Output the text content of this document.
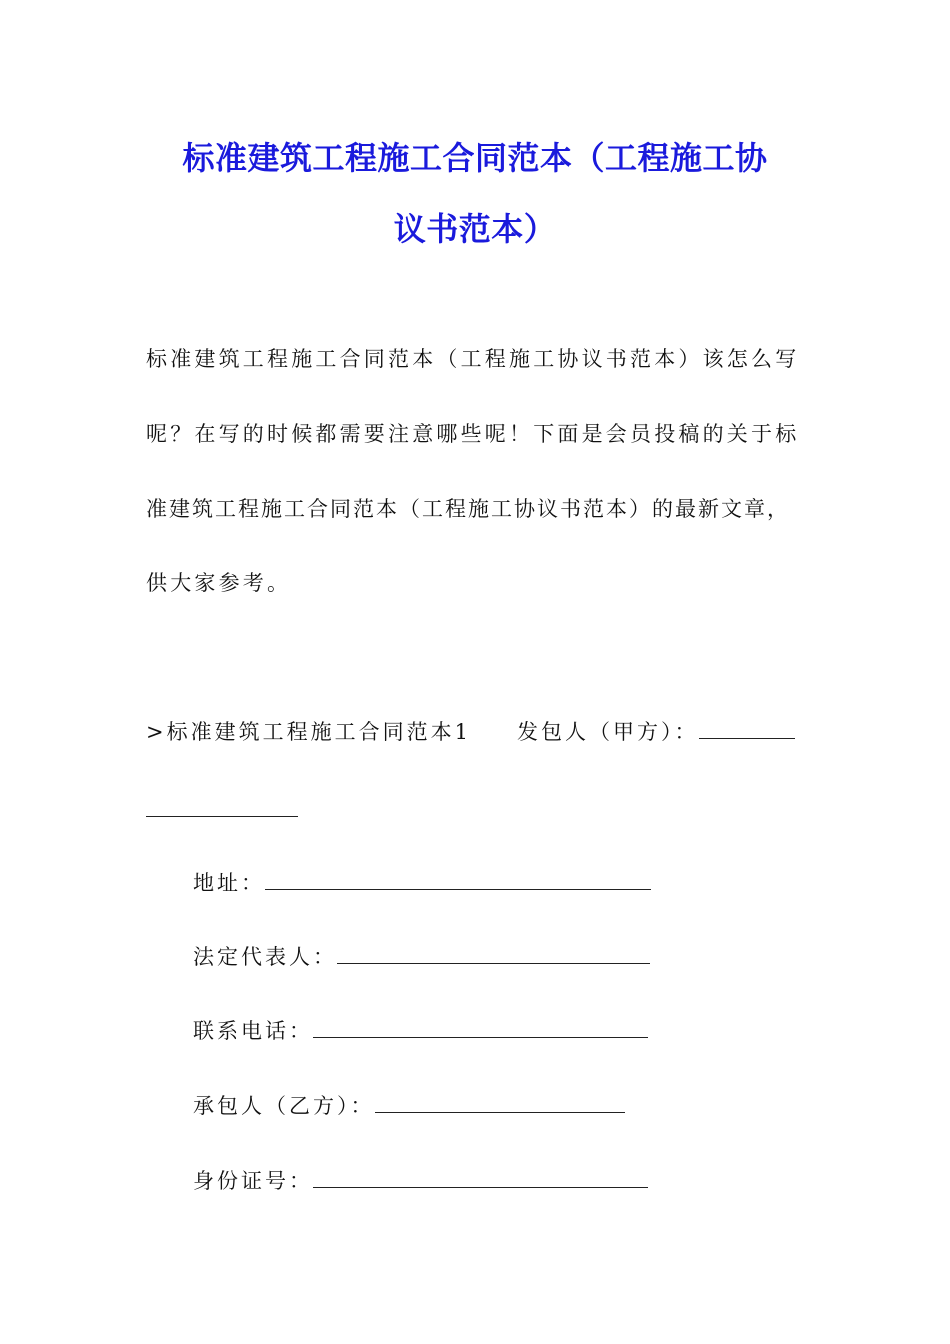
标准建筑工程施工合同范本（工程施工协
议书范本）
标准建筑工程施工合同范本（工程施工协议书范本）该怎么写
呢？在写的时候都需要注意哪些呢！下面是会员投稿的关于标
准建筑工程施工合同范本（工程施工协议书范本）的最新文章，
供大家参考。
>标准建筑工程施工合同范本1 发包人（甲方）：
地址：
法定代表人：
联系电话：
承包人（乙方）：
身份证号：
